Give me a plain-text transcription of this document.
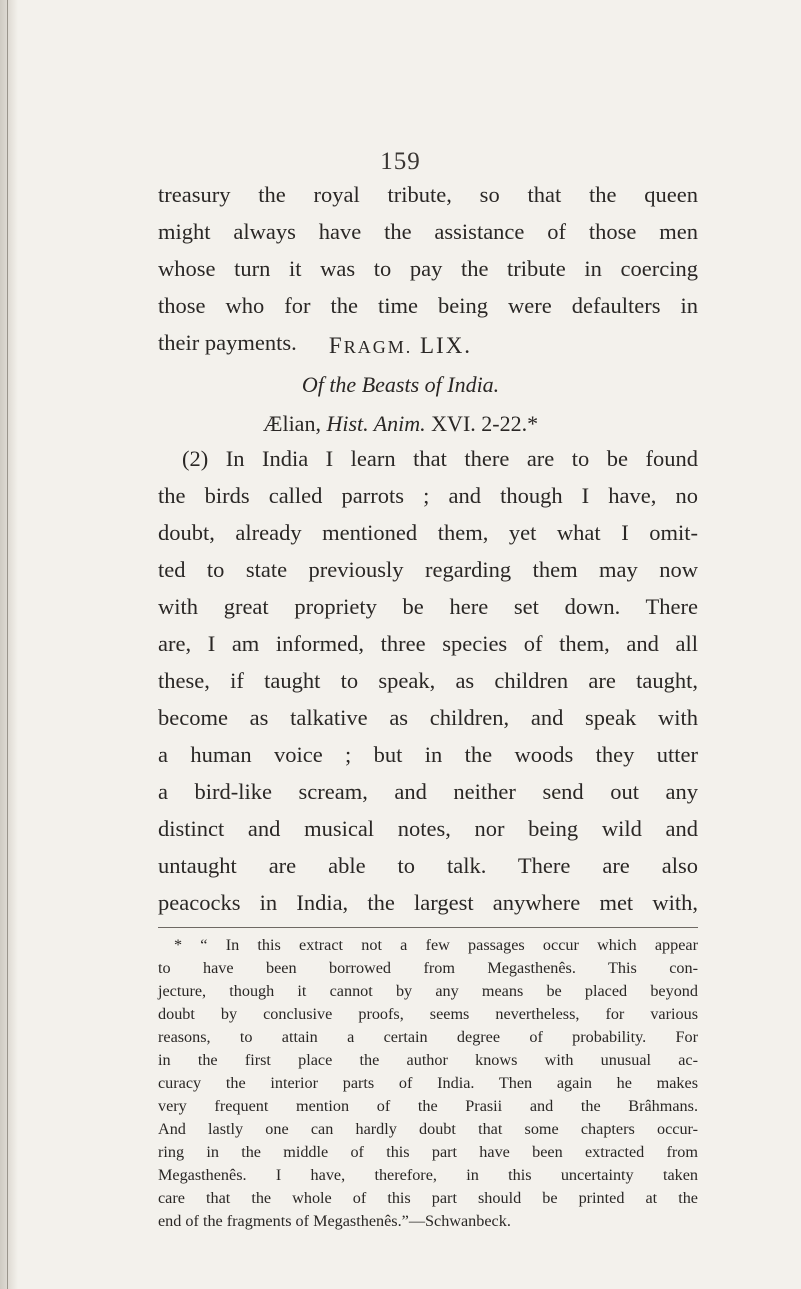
159
treasury the royal tribute, so that the queen
might always have the assistance of those men
whose turn it was to pay the tribute in coercing
those who for the time being were defaulters in
their payments.	FRAGM. LIX.
Of the Beasts of India.
Ælian, Hist. Anim. XVI. 2-22.*
(2) In India I learn that there are to be found
the birds called parrots ; and though I have, no
doubt, already mentioned them, yet what I omit-
ted to state previously regarding them may now
with great propriety be here set down. There
are, I am informed, three species of them, and all
these, if taught to speak, as children are taught,
become as talkative as children, and speak with
a human voice ; but in the woods they utter
a bird-like scream, and neither send out any
distinct and musical notes, nor being wild and
untaught are able to talk. There are also
peacocks in India, the largest anywhere met with,
* “ In this extract not a few passages occur which appear
to have been borrowed from Megasthenês. This con-
jecture, though it cannot by any means be placed beyond
doubt by conclusive proofs, seems nevertheless, for various
reasons, to attain a certain degree of probability. For
in the first place the author knows with unusual ac-
curacy the interior parts of India. Then again he makes
very frequent mention of the Prasii and the Brâhmans.
And lastly one can hardly doubt that some chapters occur-
ring in the middle of this part have been extracted from
Megasthenês. I have, therefore, in this uncertainty taken
care that the whole of this part should be printed at the
end of the fragments of Megasthenês.”—Schwanbeck.
